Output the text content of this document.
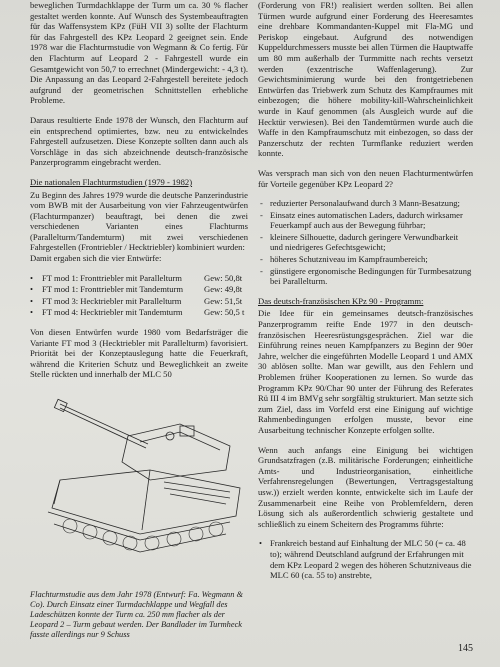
beweglichen Turmdachklappe der Turm um ca. 30 % flacher gestaltet werden konnte. Auf Wunsch des Systembeauftragten für das Waffensystem KPz (FüH VII 3) sollte der Flachturm für das Fahrgestell des KPz Leopard 2 geeignet sein. Ende 1978 war die Flachturmstudie von Wegmann & Co fertig. Für den Flachturm auf Leopard 2 - Fahrgestell wurde ein Gesamtgewicht von 50,7 to errechnet (Mindergewicht: - 4,3 t). Die Anpassung an das Leopard 2-Fahrgestell bereitete jedoch aufgrund der geometrischen Schnittstellen erhebliche Probleme.

Daraus resultierte Ende 1978 der Wunsch, den Flachturm auf ein entsprechend optimiertes, bzw. neu zu entwickelndes Fahrgestell aufzusetzen. Diese Konzepte sollten dann auch als Vorschläge in das sich abzeichnende deutsch-französische Panzerprogramm eingebracht werden.

Die nationalen Flachturmstudien (1979 - 1982)

Zu Beginn des Jahres 1979 wurde die deutsche Panzerindustrie vom BWB mit der Ausarbeitung von vier Fahrzeugentwürfen (Flachturmpanzer) beauftragt, bei denen die zwei verschiedenen Varianten eines Flachturms (Parallelturm/Tandemturm) mit zwei verschiedenen Fahrgestellen (Frontriebler / Hecktriebler) kombiniert wurden:

Damit ergaben sich die vier Entwürfe:

•	FT mod 1: Fronttriebler mit Parallelturm	Gew: 50,8t
•	FT mod 1: Fronttriebler mit Tandemturm	Gew: 49,8t
•	FT mod 3: Hecktriebler mit Parallelturm	Gew: 51,5t
•	FT mod 4: Hecktriebler mit Tandemturm	Gew: 50,5 t

Von diesen Entwürfen wurde 1980 vom Bedarfsträger die Variante FT mod 3 (Hecktriebler mit Parallelturm) favorisiert. Priorität bei der Konzeptauslegung hatte die Feuerkraft, während die Kriterien Schutz und Beweglichkeit an zweite Stelle rückten und innerhalb der MLC 50

Flachturmstudie aus dem Jahr 1978 (Entwurf: Fa. Wegmann & Co). Durch Einsatz einer Turmdachklappe und Wegfall des Ladeschützen konnte der Turm ca. 250 mm flacher als der Leopard 2 – Turm gebaut werden. Der Bandlader im Turmheck fasste allerdings nur 9 Schuss

(Forderung von FR!) realisiert werden sollten. Bei allen Türmen wurde aufgrund einer Forderung des Heeresamtes eine drehbare Kommandanten-Kuppel mit Fla-MG und Periskop eingebaut. Aufgrund des notwendigen Kuppeldurchmessers musste bei allen Türmen die Hauptwaffe um 80 mm außerhalb der Turmmitte nach rechts versetzt werden (exzentrische Waffenlagerung). Zur Gewichtsminimierung wurde bei den frontgetriebenen Entwürfen das Triebwerk zum Schutz des Kampfraumes mit einbezogen; die höhere mobility-kill-Wahrscheinlichkeit wurde in Kauf genommen (als Ausgleich wurde auf die Hecktür verwiesen). Bei den Tandemtürmen wurde auch die Waffe in den Kampfraumschutz mit einbezogen, so dass der Panzerschutz der rechten Turmflanke reduziert werden konnte.

Was versprach man sich von den neuen Flachturmentwürfen für Vorteile gegenüber KPz Leopard 2?

- reduzierter Personalaufwand durch 3 Mann-Besatzung;
- Einsatz eines automatischen Laders, dadurch wirksamer Feuerkampf auch aus der Bewegung führbar;
- kleinere Silhouette, dadurch geringere Verwundbarkeit und niedrigeres Gefechtsgewicht;
- höheres Schutzniveau im Kampfraumbereich;
- günstigere ergonomische Bedingungen für Turmbesatzung bei Parallelturm.
Das deutsch-französischen KPz 90 - Programm:

Die Idee für ein gemeinsames deutsch-französisches Panzerprogramm reifte Ende 1977 in den deutsch-französischen Heeresrüstungsgesprächen. Ziel war die Einführung reines neuen Kampfpanzers zu Beginn der 90er Jahre, welcher die eingeführten Modelle Leopard 1 und AMX 30 ablösen sollte. Man war gewillt, aus den Fehlern und Problemen früher Kooperationen zu lernen. So wurde das Programm KPz 90/Char 90 unter der Führung des Referates Rü III 4 im BMVg sehr sorgfältig strukturiert. Man setzte sich zum Ziel, dass im Vorfeld erst eine Einigung auf wichtige Rahmenbedingungen erfolgen musste, bevor eine Ausarbeitung technischer Konzepte erfolgen sollte.

Wenn auch anfangs eine Einigung bei wichtigen Grundsatzfragen (z.B. militärische Forderungen; einheitliche Amts- und Industrieorganisation, einheitliche Verfahrensregelungen (Bewertungen, Vertragsgestaltung usw.)) erzielt werden konnte, entwickelte sich im Laufe der Zusammenarbeit eine Reihe von Problemfeldern, deren Lösung sich als außerordentlich schwierig gestaltete und schließlich zu einem Scheitern des Programms führte:

• Frankreich bestand auf Einhaltung der MLC 50 (= ca. 48 to); während Deutschland aufgrund der Erfahrungen mit dem KPz Leopard 2 wegen des höheren Schutzniveaus die MLC 60 (ca. 55 to) anstrebte,
145
